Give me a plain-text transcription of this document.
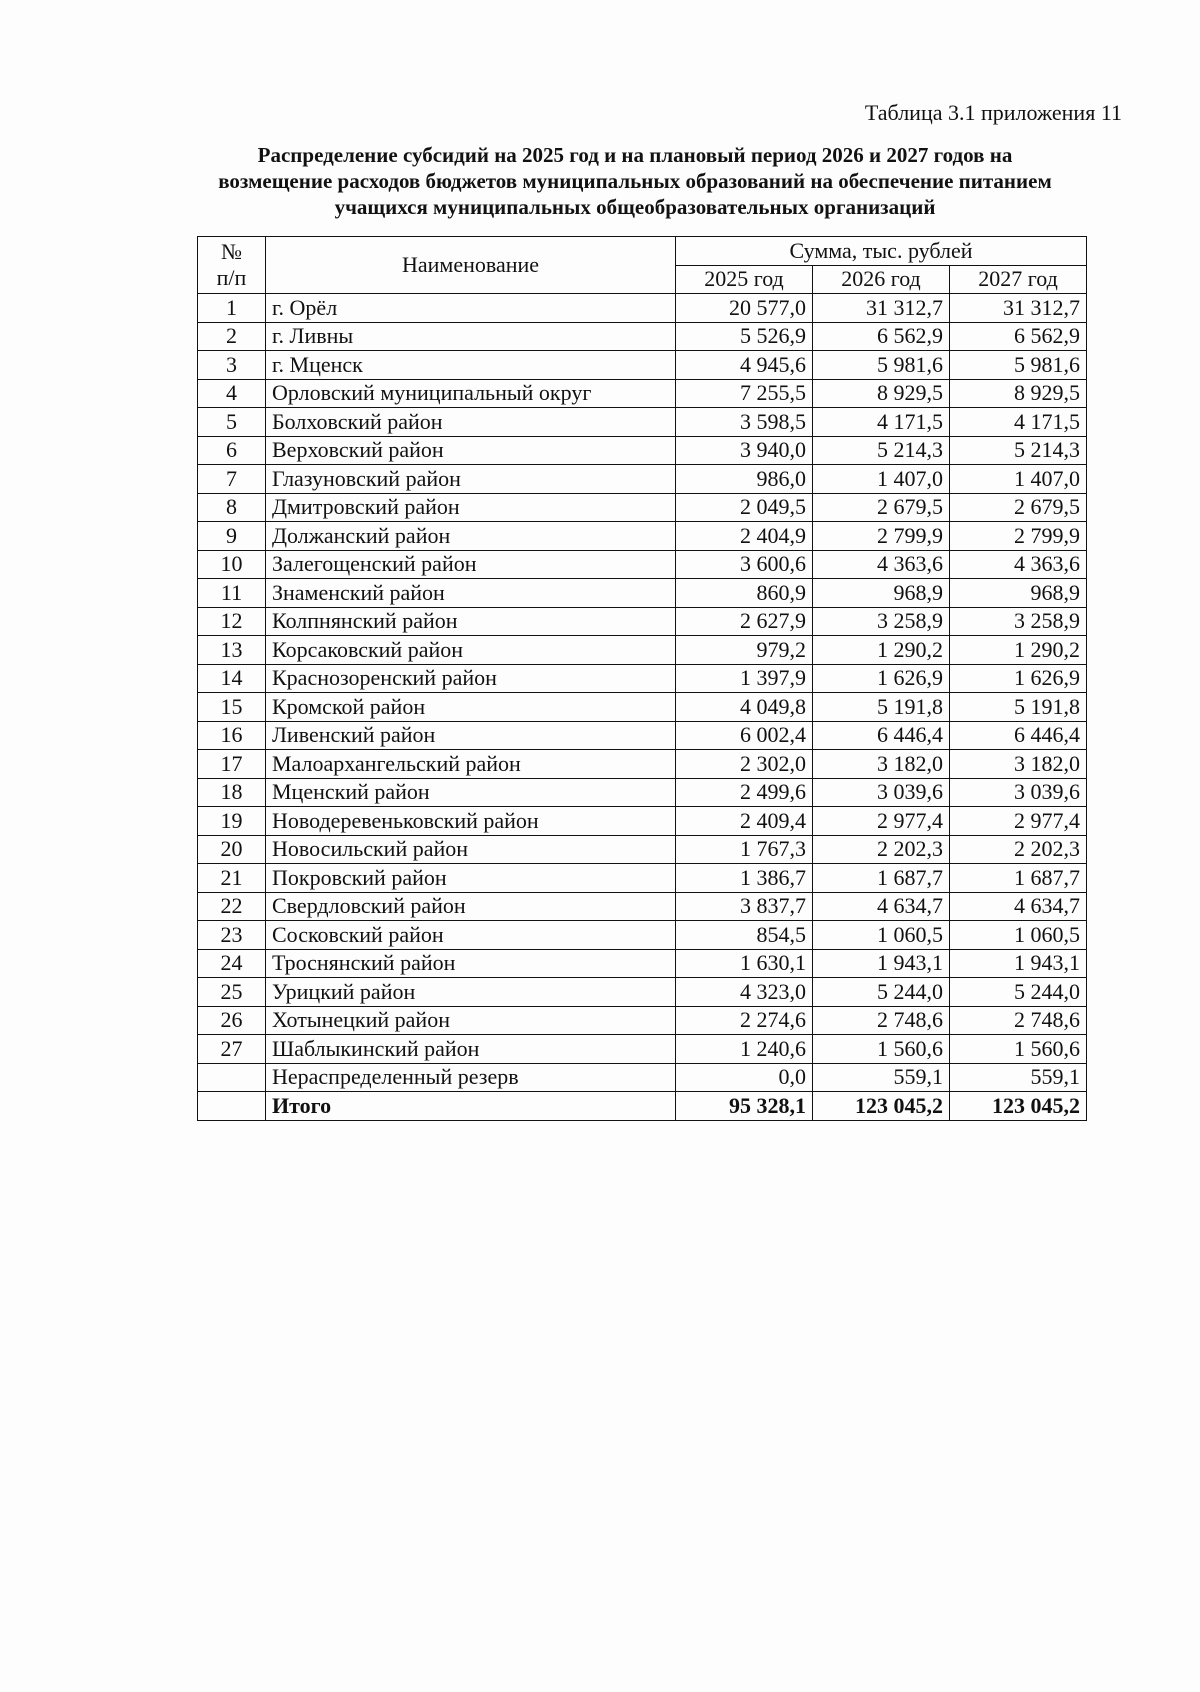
Таблица 3.1 приложения 11
Распределение субсидий на 2025 год и на плановый период 2026 и 2027 годов на
возмещение расходов бюджетов муниципальных образований на обеспечение питанием
учащихся муниципальных общеобразовательных организаций
№
п/п	Наименование	Сумма, тыс. рублей		
		2025 год	2026 год	2027 год
1	г. Орёл	20 577,0	31 312,7	31 312,7
2	г. Ливны	5 526,9	6 562,9	6 562,9
3	г. Мценск	4 945,6	5 981,6	5 981,6
4	Орловский муниципальный округ	7 255,5	8 929,5	8 929,5
5	Болховский район	3 598,5	4 171,5	4 171,5
6	Верховский район	3 940,0	5 214,3	5 214,3
7	Глазуновский район	986,0	1 407,0	1 407,0
8	Дмитровский район	2 049,5	2 679,5	2 679,5
9	Должанский район	2 404,9	2 799,9	2 799,9
10	Залегощенский район	3 600,6	4 363,6	4 363,6
11	Знаменский район	860,9	968,9	968,9
12	Колпнянский район	2 627,9	3 258,9	3 258,9
13	Корсаковский район	979,2	1 290,2	1 290,2
14	Краснозоренский район	1 397,9	1 626,9	1 626,9
15	Кромской район	4 049,8	5 191,8	5 191,8
16	Ливенский район	6 002,4	6 446,4	6 446,4
17	Малоархангельский район	2 302,0	3 182,0	3 182,0
18	Мценский район	2 499,6	3 039,6	3 039,6
19	Новодеревеньковский район	2 409,4	2 977,4	2 977,4
20	Новосильский район	1 767,3	2 202,3	2 202,3
21	Покровский район	1 386,7	1 687,7	1 687,7
22	Свердловский район	3 837,7	4 634,7	4 634,7
23	Сосковский район	854,5	1 060,5	1 060,5
24	Троснянский район	1 630,1	1 943,1	1 943,1
25	Урицкий район	4 323,0	5 244,0	5 244,0
26	Хотынецкий район	2 274,6	2 748,6	2 748,6
27	Шаблыкинский район	1 240,6	1 560,6	1 560,6
	Нераспределенный резерв	0,0	559,1	559,1
	Итого	95 328,1	123 045,2	123 045,2
